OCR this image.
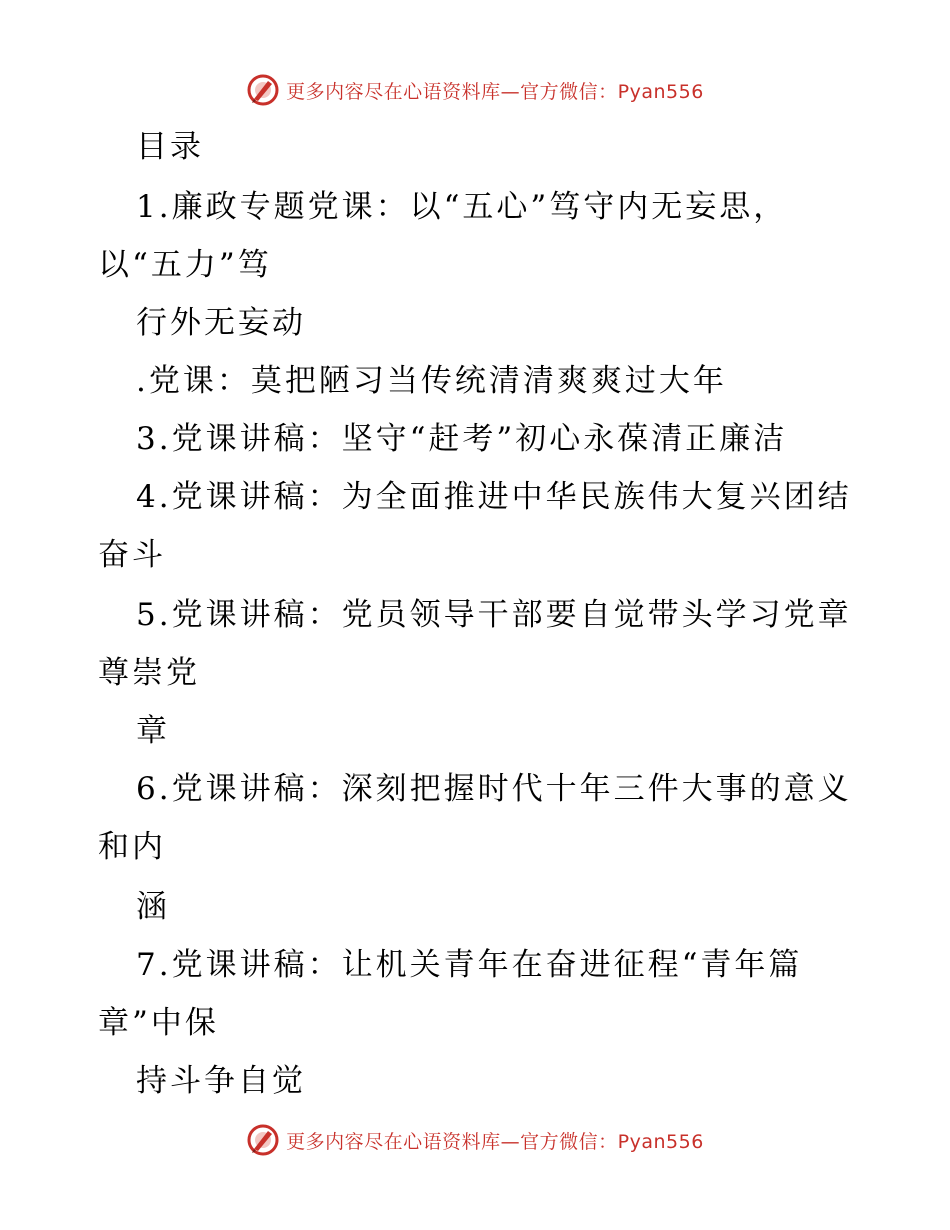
更多内容尽在心语资料库—官方微信：Pyan556
目录
1.廉政专题党课：以“五心”笃守内无妄思，
以“五力”笃
行外无妄动
.党课：莫把陋习当传统清清爽爽过大年
3.党课讲稿：坚守“赶考”初心永葆清正廉洁
4.党课讲稿：为全面推进中华民族伟大复兴团结
奋斗
5.党课讲稿：党员领导干部要自觉带头学习党章
尊崇党
章
6.党课讲稿：深刻把握时代十年三件大事的意义
和内
涵
7.党课讲稿：让机关青年在奋进征程“青年篇
章”中保
持斗争自觉
更多内容尽在心语资料库—官方微信：Pyan556
